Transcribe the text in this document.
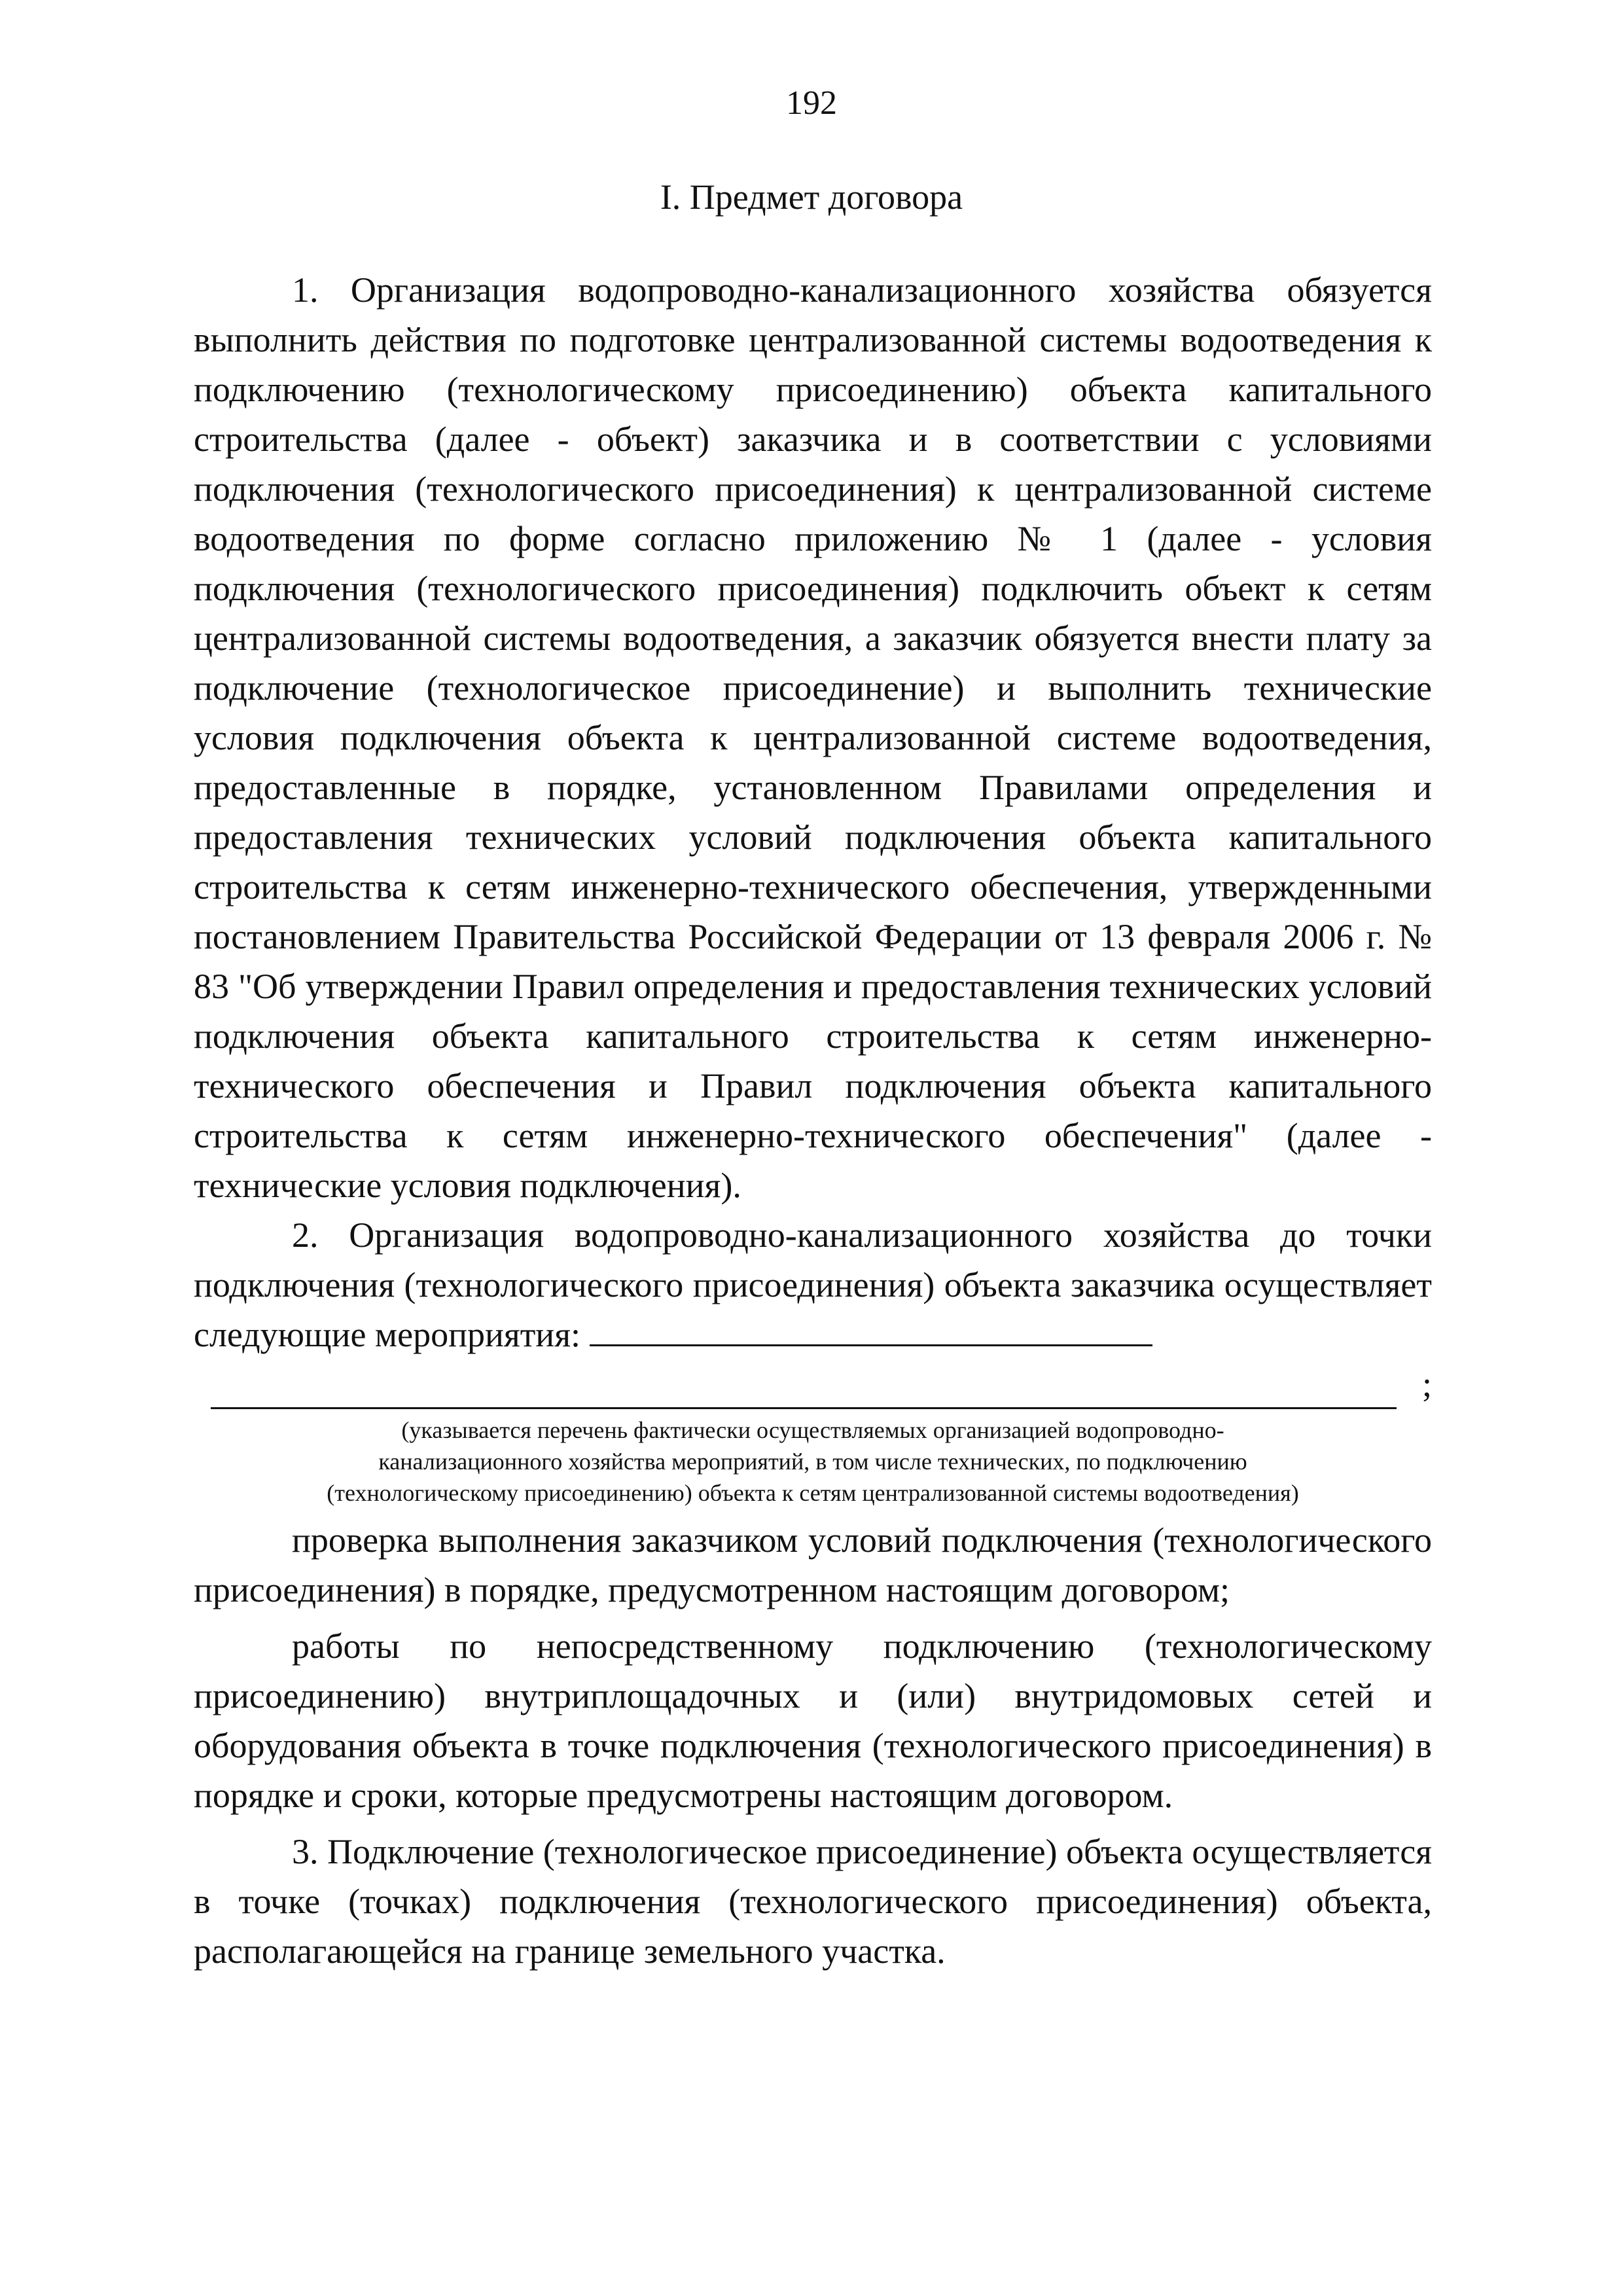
192
I. Предмет договора

1. Организация водопроводно-канализационного хозяйства обязуется выполнить действия по подготовке централизованной системы водоотведения к подключению (технологическому присоединению) объекта капитального строительства (далее - объект) заказчика и в соответствии с условиями подключения (технологического присоединения) к централизованной системе водоотведения по форме согласно приложению № 1 (далее - условия подключения (технологического присоединения) подключить объект к сетям централизованной системы водоотведения, а заказчик обязуется внести плату за подключение (технологическое присоединение) и выполнить технические условия подключения объекта к централизованной системе водоотведения, предоставленные в порядке, установленном Правилами определения и предоставления технических условий подключения объекта капитального строительства к сетям инженерно-технического обеспечения, утвержденными постановлением Правительства Российской Федерации от 13 февраля 2006 г. № 83 "Об утверждении Правил определения и предоставления технических условий подключения объекта капитального строительства к сетям инженерно-технического обеспечения и Правил подключения объекта капитального строительства к сетям инженерно-технического обеспечения" (далее - технические условия подключения).

2. Организация водопроводно-канализационного хозяйства до точки подключения (технологического присоединения) объекта заказчика осуществляет следующие мероприятия:

;
(указывается перечень фактически осуществляемых организацией водопроводно-
канализационного хозяйства мероприятий, в том числе технических, по подключению
(технологическому присоединению) объекта к сетям централизованной системы водоотведения)

проверка выполнения заказчиком условий подключения (технологического присоединения) в порядке, предусмотренном настоящим договором;

работы по непосредственному подключению (технологическому присоединению) внутриплощадочных и (или) внутридомовых сетей и оборудования объекта в точке подключения (технологического присоединения) в порядке и сроки, которые предусмотрены настоящим договором.

3. Подключение (технологическое присоединение) объекта осуществляется в точке (точках) подключения (технологического присоединения) объекта, располагающейся на границе земельного участка.
